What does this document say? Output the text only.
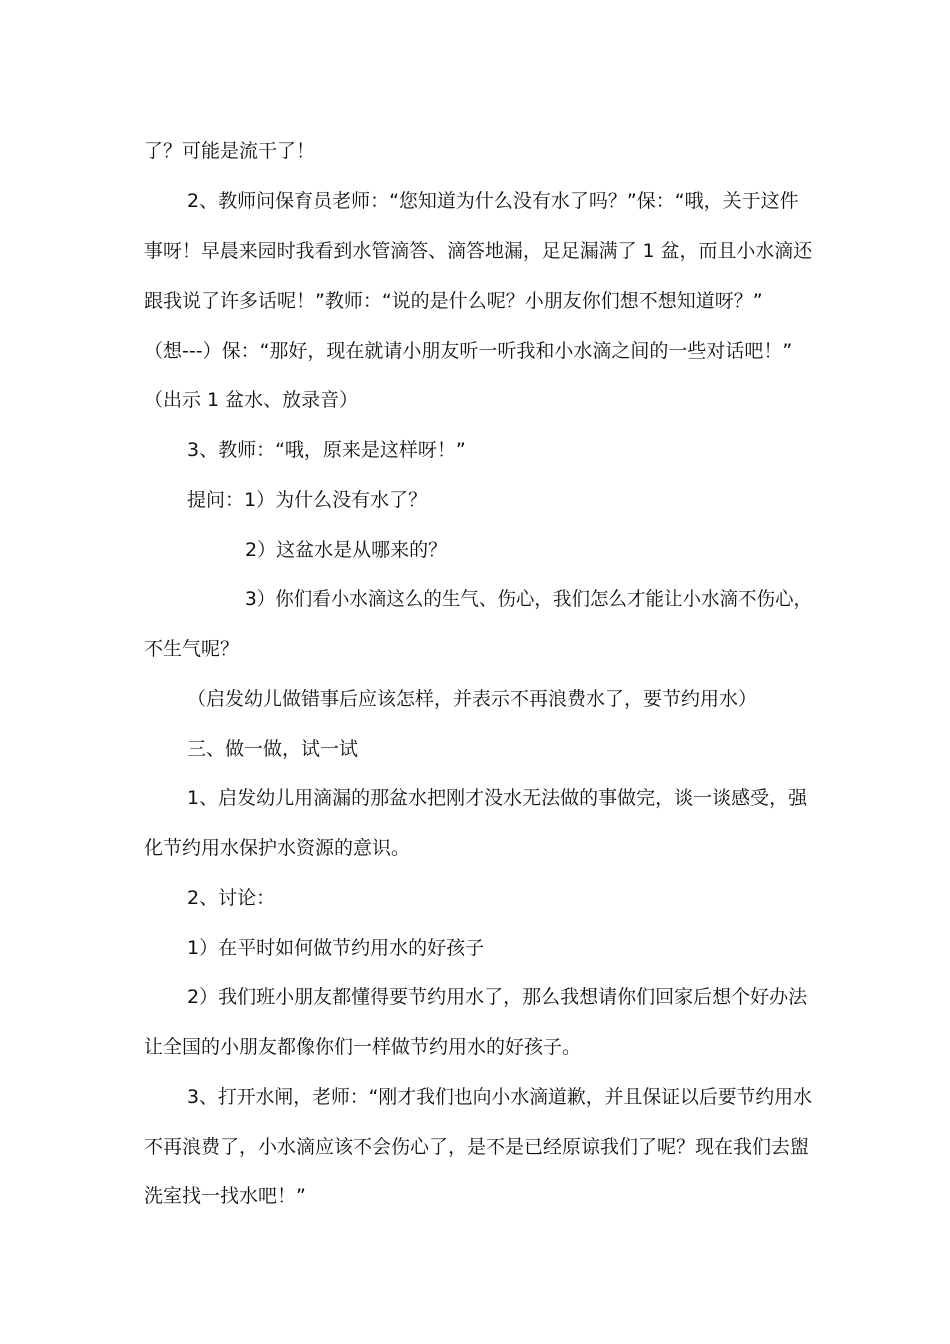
了？可能是流干了！
2、教师问保育员老师：“您知道为什么没有水了吗？”保：“哦，关于这件
事呀！早晨来园时我看到水管滴答、滴答地漏，足足漏满了 1 盆，而且小水滴还
跟我说了许多话呢！”教师：“说的是什么呢？小朋友你们想不想知道呀？”
（想---）保：“那好，现在就请小朋友听一听我和小水滴之间的一些对话吧！”
（出示 1 盆水、放录音）
3、教师：“哦，原来是这样呀！”
提问：1）为什么没有水了？
2）这盆水是从哪来的？
3）你们看小水滴这么的生气、伤心，我们怎么才能让小水滴不伤心，
不生气呢？
（启发幼儿做错事后应该怎样，并表示不再浪费水了，要节约用水）
三、做一做，试一试
1、启发幼儿用滴漏的那盆水把刚才没水无法做的事做完，谈一谈感受，强
化节约用水保护水资源的意识。
2、讨论：
1）在平时如何做节约用水的好孩子
2）我们班小朋友都懂得要节约用水了，那么我想请你们回家后想个好办法
让全国的小朋友都像你们一样做节约用水的好孩子。
3、打开水闸，老师：“刚才我们也向小水滴道歉，并且保证以后要节约用水
不再浪费了，小水滴应该不会伤心了，是不是已经原谅我们了呢？现在我们去盥
洗室找一找水吧！”
